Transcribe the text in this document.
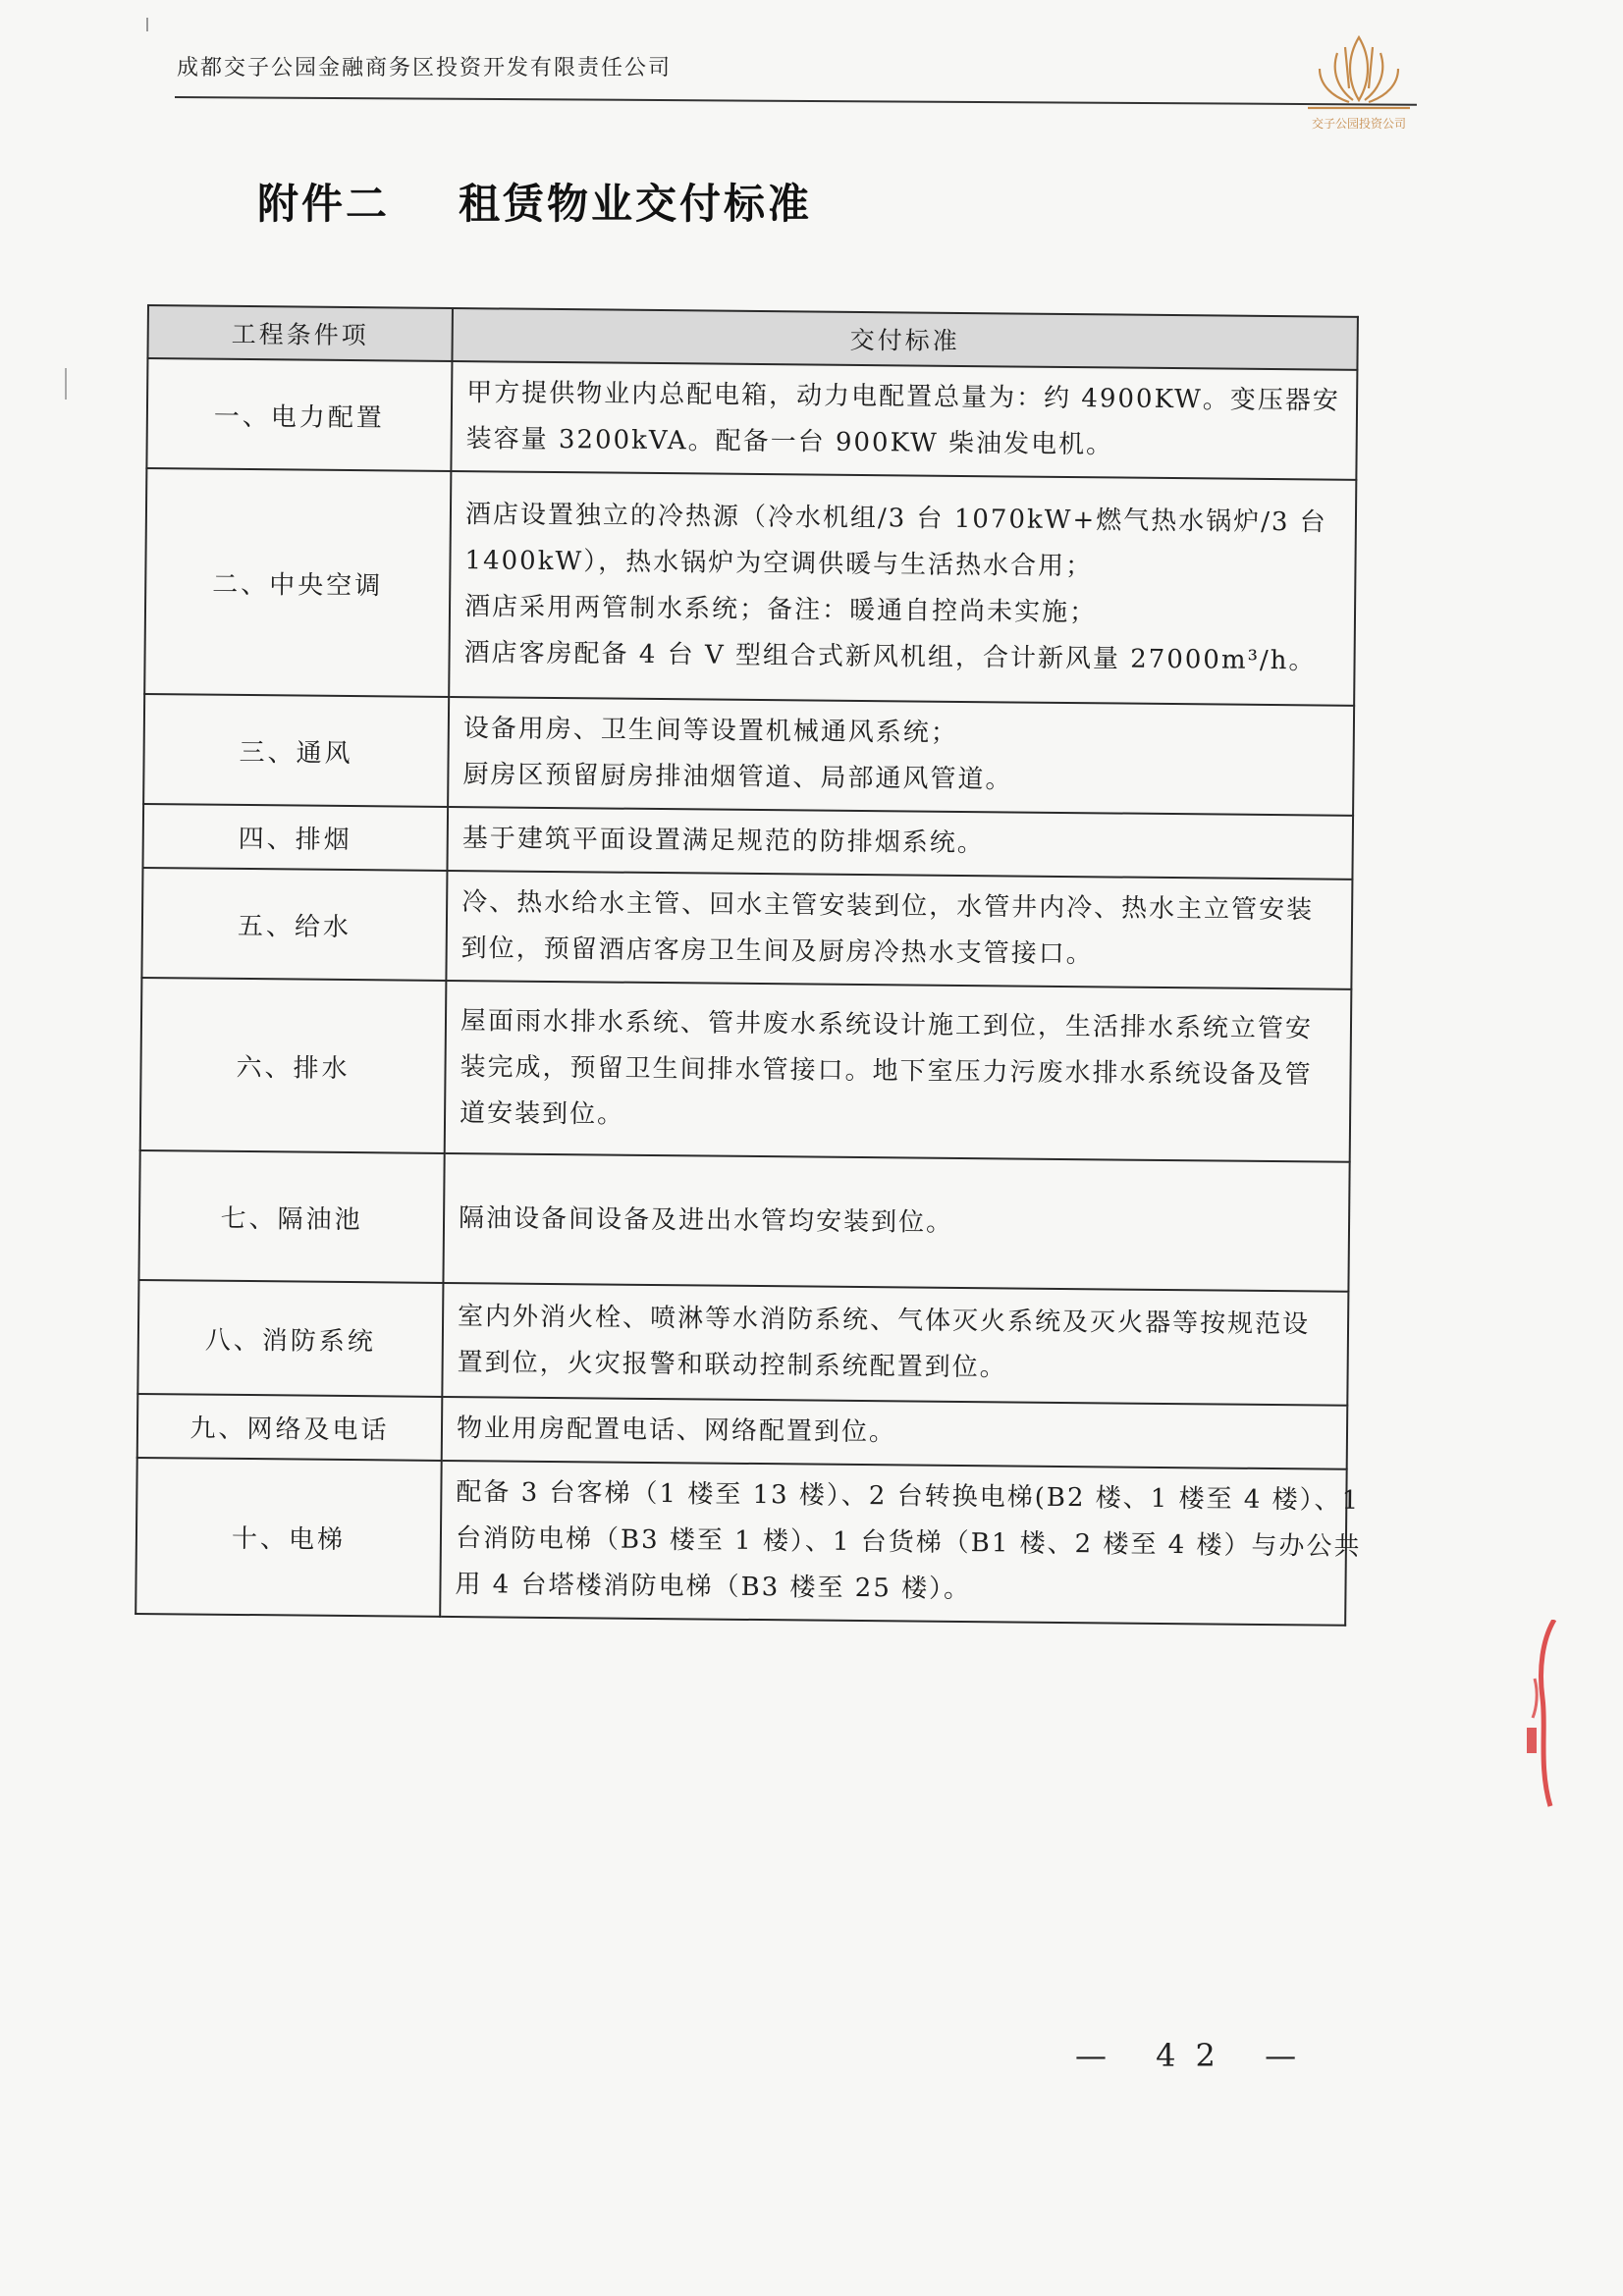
成都交子公园金融商务区投资开发有限责任公司
交子公园投资公司
附件二 租赁物业交付标准
工程条件项	交付标准
一、电力配置	甲方提供物业内总配电箱，动力电配置总量为：约 4900KW。变压器安
装容量 3200kVA。配备一台 900KW 柴油发电机。

二、中央空调	酒店设置独立的冷热源（冷水机组/3 台 1070kW+燃气热水锅炉/3 台
1400kW），热水锅炉为空调供暖与生活热水合用；
酒店采用两管制水系统；备注：暖通自控尚未实施；
酒店客房配备 4 台 V 型组合式新风机组，合计新风量 27000m³/h。

三、通风	设备用房、卫生间等设置机械通风系统；
厨房区预留厨房排油烟管道、局部通风管道。

四、排烟	基于建筑平面设置满足规范的防排烟系统。

五、给水	冷、热水给水主管、回水主管安装到位，水管井内冷、热水主立管安装
到位，预留酒店客房卫生间及厨房冷热水支管接口。

六、排水	屋面雨水排水系统、管井废水系统设计施工到位，生活排水系统立管安
装完成，预留卫生间排水管接口。地下室压力污废水排水系统设备及管
道安装到位。

七、隔油池	隔油设备间设备及进出水管均安装到位。

八、消防系统	室内外消火栓、喷淋等水消防系统、气体灭火系统及灭火器等按规范设
置到位，火灾报警和联动控制系统配置到位。

九、网络及电话	物业用房配置电话、网络配置到位。

十、电梯	配备 3 台客梯（1 楼至 13 楼）、2 台转换电梯(B2 楼、1 楼至 4 楼）、1
台消防电梯（B3 楼至 1 楼）、1 台货梯（B1 楼、2 楼至 4 楼）与办公共
用 4 台塔楼消防电梯（B3 楼至 25 楼）。
— 42 —
